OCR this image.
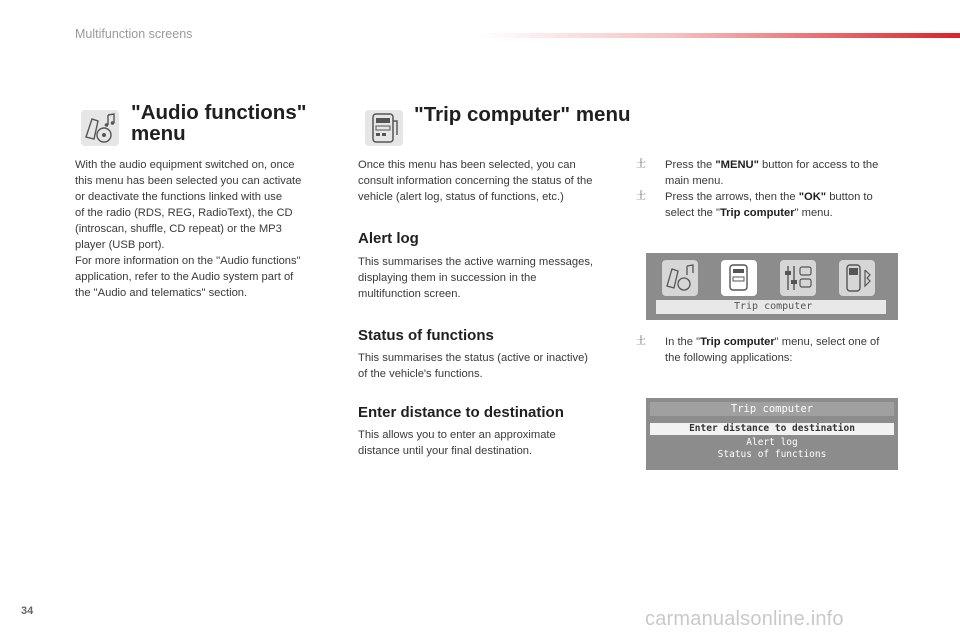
Multifunction screens
"Audio functions"
menu
With the audio equipment switched on, once
this menu has been selected you can activate
or deactivate the functions linked with use
of the radio (RDS, REG, RadioText), the CD
(introscan, shuffle, CD repeat) or the MP3
player (USB port).
For more information on the "Audio functions"
application, refer to the Audio system part of
the "Audio and telematics" section.
"Trip computer" menu
Once this menu has been selected, you can
consult information concerning the status of the
vehicle (alert log, status of functions, etc.)
Alert log
This summarises the active warning messages,
displaying them in succession in the
multifunction screen.
Status of functions
This summarises the status (active or inactive)
of the vehicle's functions.
Enter distance to destination
This allows you to enter an approximate
distance until your final destination.
⼟ Press the "MENU" button for access to the
main menu.
⼟ Press the arrows, then the "OK" button to
select the "Trip computer" menu.
Trip computer
⼟ In the "Trip computer" menu, select one of
the following applications:
Trip computer
Enter distance to destination
Alert log
Status of functions
34	carmanualsonline.info
